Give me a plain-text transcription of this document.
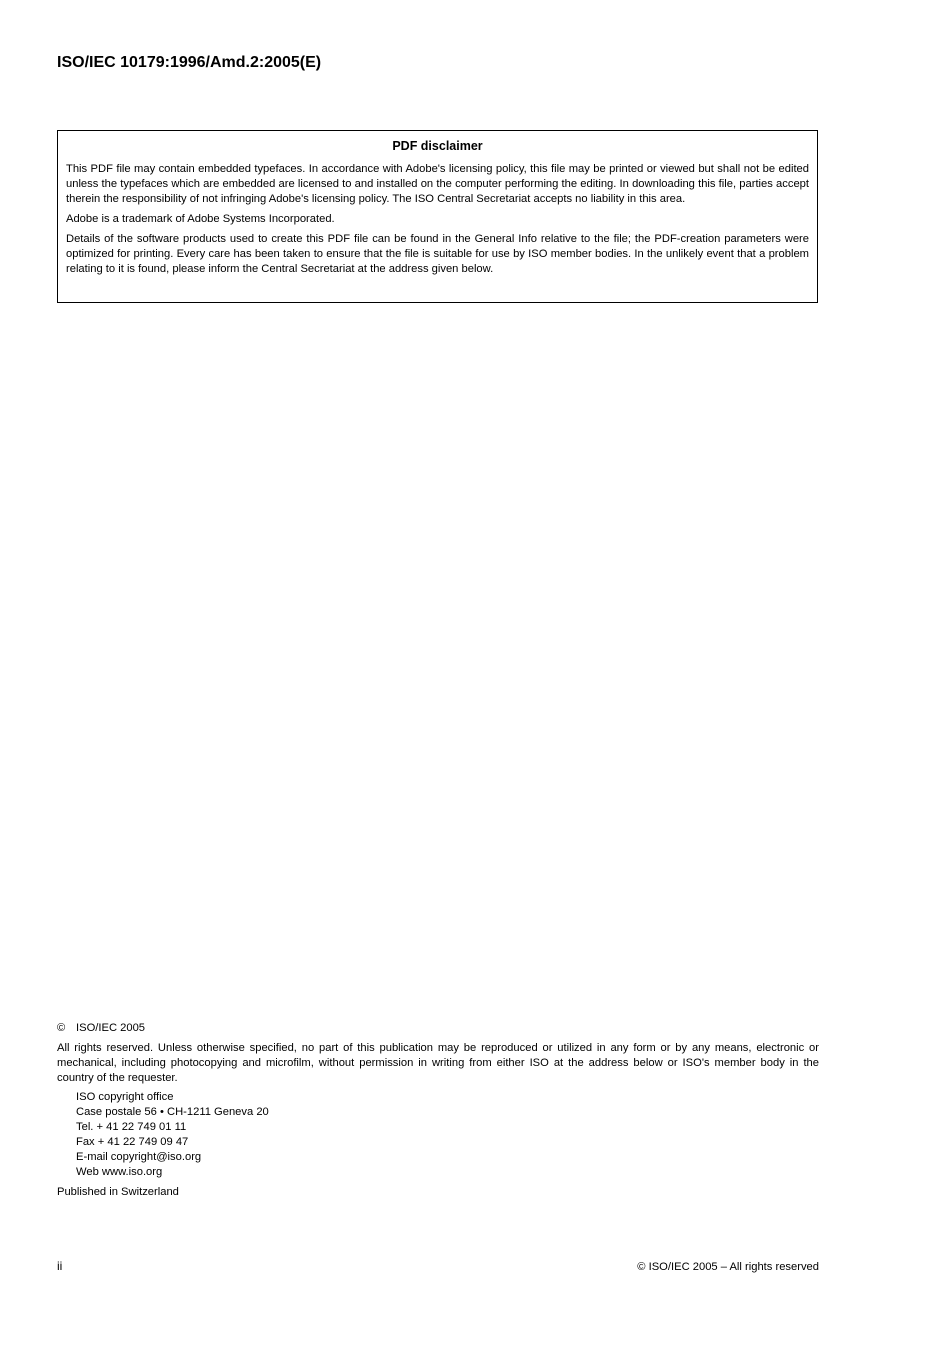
ISO/IEC 10179:1996/Amd.2:2005(E)
PDF disclaimer

This PDF file may contain embedded typefaces. In accordance with Adobe's licensing policy, this file may be printed or viewed but shall not be edited unless the typefaces which are embedded are licensed to and installed on the computer performing the editing. In downloading this file, parties accept therein the responsibility of not infringing Adobe's licensing policy. The ISO Central Secretariat accepts no liability in this area.

Adobe is a trademark of Adobe Systems Incorporated.

Details of the software products used to create this PDF file can be found in the General Info relative to the file; the PDF-creation parameters were optimized for printing. Every care has been taken to ensure that the file is suitable for use by ISO member bodies. In the unlikely event that a problem relating to it is found, please inform the Central Secretariat at the address given below.

© ISO/IEC 2005

All rights reserved. Unless otherwise specified, no part of this publication may be reproduced or utilized in any form or by any means, electronic or mechanical, including photocopying and microfilm, without permission in writing from either ISO at the address below or ISO's member body in the country of the requester.

ISO copyright office
Case postale 56 • CH-1211 Geneva 20
Tel. + 41 22 749 01 11
Fax + 41 22 749 09 47
E-mail copyright@iso.org
Web www.iso.org

Published in Switzerland

ii	© ISO/IEC 2005 – All rights reserved
